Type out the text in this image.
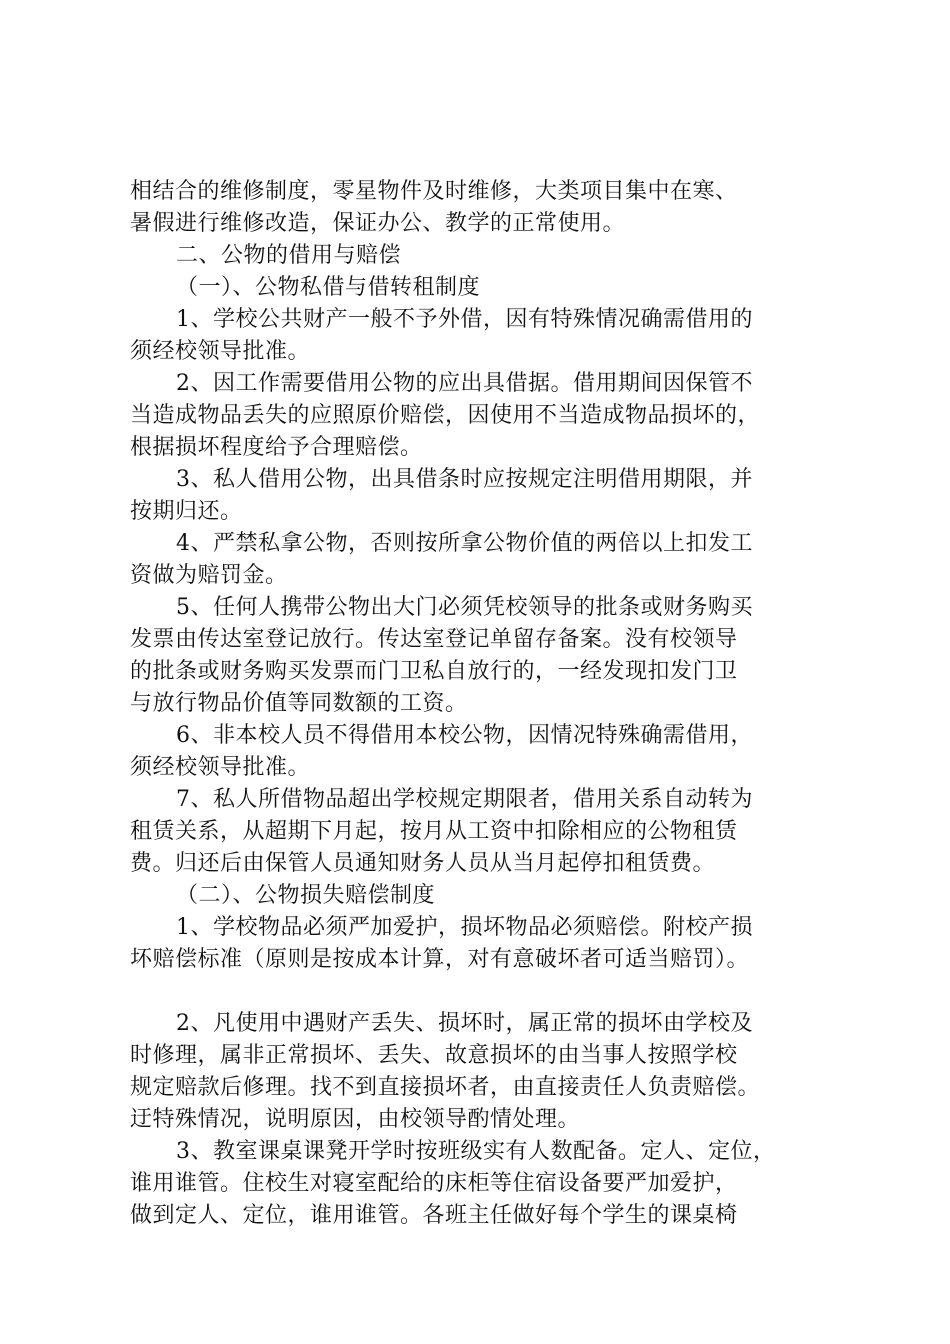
相结合的维修制度，零星物件及时维修，大类项目集中在寒、
暑假进行维修改造，保证办公、教学的正常使用。
二、公物的借用与赔偿
（一）、公物私借与借转租制度
1、学校公共财产一般不予外借，因有特殊情况确需借用的
须经校领导批准。
2、因工作需要借用公物的应出具借据。借用期间因保管不
当造成物品丢失的应照原价赔偿，因使用不当造成物品损坏的，
根据损坏程度给予合理赔偿。
3、私人借用公物，出具借条时应按规定注明借用期限，并
按期归还。
4、严禁私拿公物，否则按所拿公物价值的两倍以上扣发工
资做为赔罚金。
5、任何人携带公物出大门必须凭校领导的批条或财务购买
发票由传达室登记放行。传达室登记单留存备案。没有校领导
的批条或财务购买发票而门卫私自放行的，一经发现扣发门卫
与放行物品价值等同数额的工资。
6、非本校人员不得借用本校公物，因情况特殊确需借用，
须经校领导批准。
7、私人所借物品超出学校规定期限者，借用关系自动转为
租赁关系，从超期下月起，按月从工资中扣除相应的公物租赁
费。归还后由保管人员通知财务人员从当月起停扣租赁费。
（二）、公物损失赔偿制度
1、学校物品必须严加爱护，损坏物品必须赔偿。附校产损
坏赔偿标准（原则是按成本计算，对有意破坏者可适当赔罚）。
2、凡使用中遇财产丢失、损坏时，属正常的损坏由学校及
时修理，属非正常损坏、丢失、故意损坏的由当事人按照学校
规定赔款后修理。找不到直接损坏者，由直接责任人负责赔偿。
迂特殊情况，说明原因，由校领导酌情处理。
3、教室课桌课凳开学时按班级实有人数配备。定人、定位，
谁用谁管。住校生对寝室配给的床柜等住宿设备要严加爱护，
做到定人、定位，谁用谁管。各班主任做好每个学生的课桌椅
